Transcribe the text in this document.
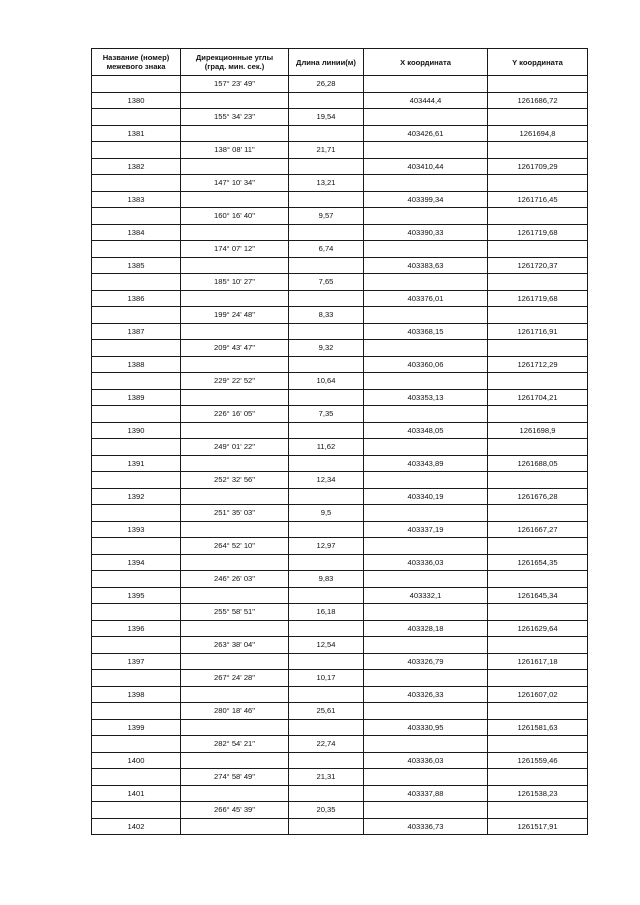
Название (номер)
межевого знака	Дирекционные углы
(град. мин. сек.)	Длина линии(м)	X координата	Y координата
	157° 23' 49"	26,28		
1380			403444,4	1261686,72
	155° 34' 23"	19,54		
1381			403426,61	1261694,8
	138° 08' 11"	21,71		
1382			403410,44	1261709,29
	147° 10' 34"	13,21		
1383			403399,34	1261716,45
	160° 16' 40"	9,57		
1384			403390,33	1261719,68
	174° 07' 12"	6,74		
1385			403383,63	1261720,37
	185° 10' 27"	7,65		
1386			403376,01	1261719,68
	199° 24' 48"	8,33		
1387			403368,15	1261716,91
	209° 43' 47"	9,32		
1388			403360,06	1261712,29
	229° 22' 52"	10,64		
1389			403353,13	1261704,21
	226° 16' 05"	7,35		
1390			403348,05	1261698,9
	249° 01' 22"	11,62		
1391			403343,89	1261688,05
	252° 32' 56"	12,34		
1392			403340,19	1261676,28
	251° 35' 03"	9,5		
1393			403337,19	1261667,27
	264° 52' 10"	12,97		
1394			403336,03	1261654,35
	246° 26' 03"	9,83		
1395			403332,1	1261645,34
	255° 58' 51"	16,18		
1396			403328,18	1261629,64
	263° 38' 04"	12,54		
1397			403326,79	1261617,18
	267° 24' 28"	10,17		
1398			403326,33	1261607,02
	280° 18' 46"	25,61		
1399			403330,95	1261581,63
	282° 54' 21"	22,74		
1400			403336,03	1261559,46
	274° 58' 49"	21,31		
1401			403337,88	1261538,23
	266° 45' 39"	20,35		
1402			403336,73	1261517,91
